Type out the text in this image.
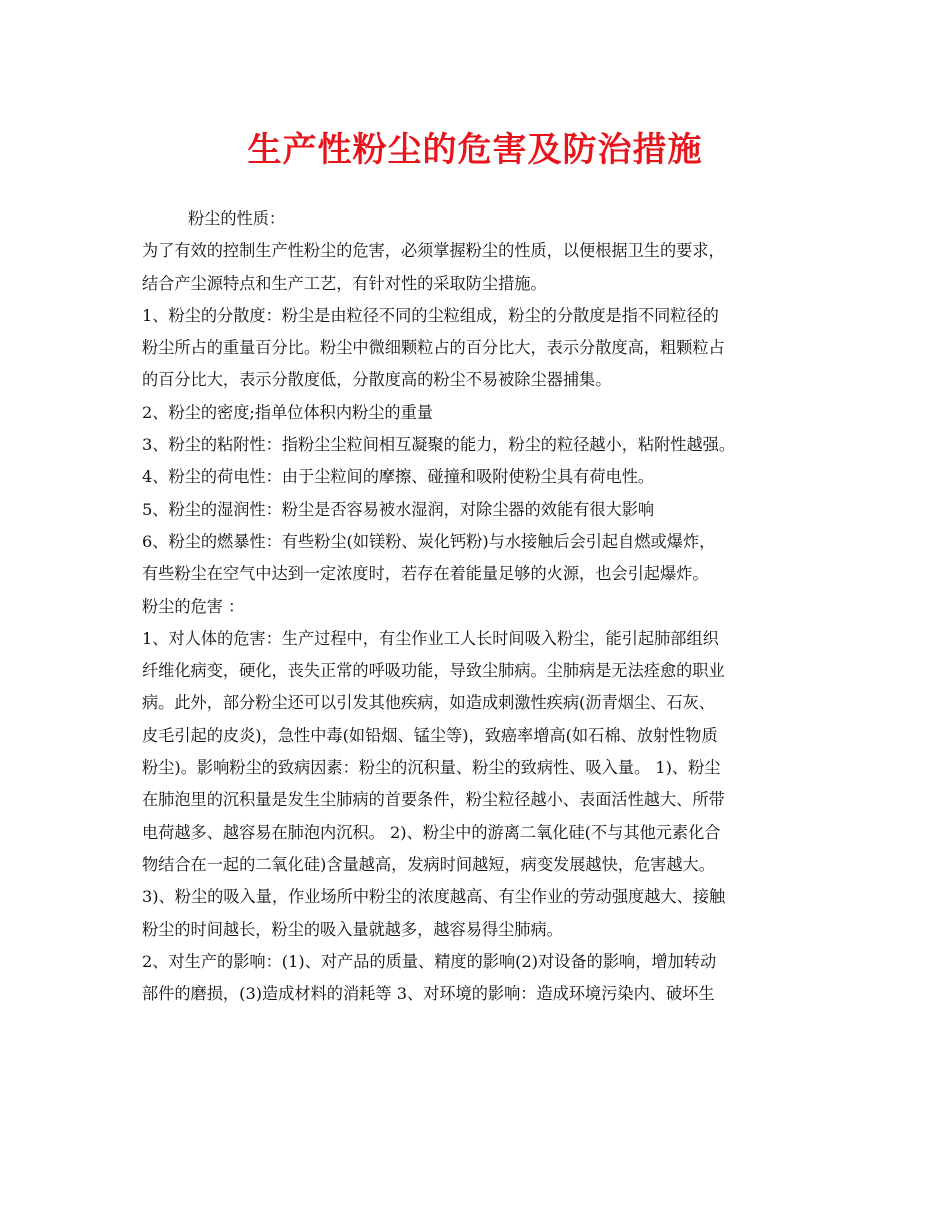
生产性粉尘的危害及防治措施
粉尘的性质：
为了有效的控制生产性粉尘的危害，必须掌握粉尘的性质，以便根据卫生的要求，
结合产尘源特点和生产工艺，有针对性的采取防尘措施。
1、粉尘的分散度：粉尘是由粒径不同的尘粒组成，粉尘的分散度是指不同粒径的
粉尘所占的重量百分比。粉尘中微细颗粒占的百分比大，表示分散度高，粗颗粒占
的百分比大，表示分散度低，分散度高的粉尘不易被除尘器捕集。
2、粉尘的密度;指单位体积内粉尘的重量
3、粉尘的粘附性：指粉尘尘粒间相互凝聚的能力，粉尘的粒径越小，粘附性越强。
4、粉尘的荷电性：由于尘粒间的摩擦、碰撞和吸附使粉尘具有荷电性。
5、粉尘的湿润性：粉尘是否容易被水湿润，对除尘器的效能有很大影响
6、粉尘的燃暴性：有些粉尘(如镁粉、炭化钙粉)与水接触后会引起自燃或爆炸，
有些粉尘在空气中达到一定浓度时，若存在着能量足够的火源，也会引起爆炸。
粉尘的危害 ：
1、对人体的危害：生产过程中，有尘作业工人长时间吸入粉尘，能引起肺部组织
纤维化病变，硬化，丧失正常的呼吸功能，导致尘肺病。尘肺病是无法痊愈的职业
病。此外，部分粉尘还可以引发其他疾病，如造成刺激性疾病(沥青烟尘、石灰、
皮毛引起的皮炎)，急性中毒(如铅烟、锰尘等)，致癌率增高(如石棉、放射性物质
粉尘)。影响粉尘的致病因素：粉尘的沉积量、粉尘的致病性、吸入量。 1)、粉尘
在肺泡里的沉积量是发生尘肺病的首要条件，粉尘粒径越小、表面活性越大、所带
电荷越多、越容易在肺泡内沉积。 2)、粉尘中的游离二氧化硅(不与其他元素化合
物结合在一起的二氧化硅)含量越高，发病时间越短，病变发展越快，危害越大。
3)、粉尘的吸入量，作业场所中粉尘的浓度越高、有尘作业的劳动强度越大、接触
粉尘的时间越长，粉尘的吸入量就越多，越容易得尘肺病。
2、对生产的影响：(1)、对产品的质量、精度的影响(2)对设备的影响，增加转动
部件的磨损，(3)造成材料的消耗等 3、对环境的影响：造成环境污染内、破坏生
